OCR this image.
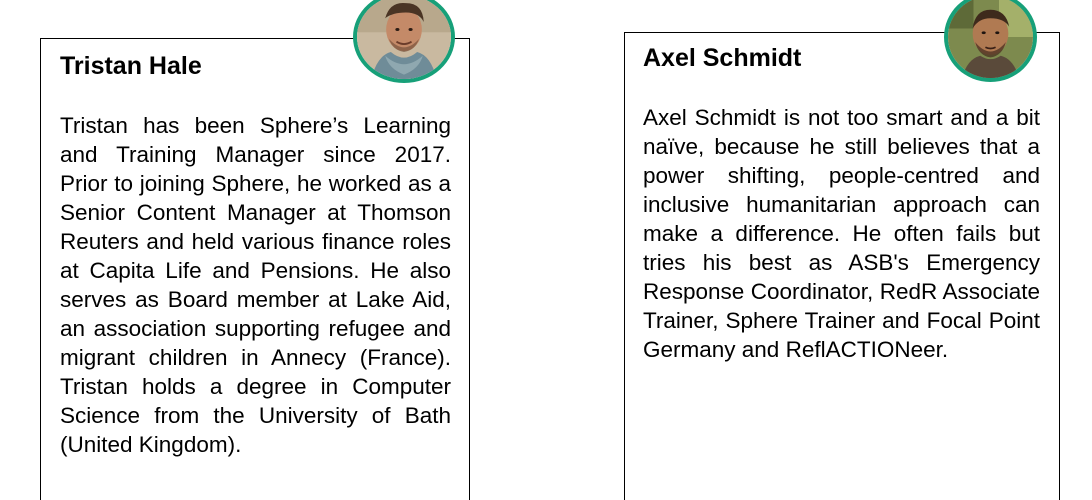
Tristan Hale

Tristan has been Sphere’s Learning and Training Manager since 2017. Prior to joining Sphere, he worked as a Senior Content Manager at Thomson Reuters and held various finance roles at Capita Life and Pensions. He also serves as Board member at Lake Aid, an association supporting refugee and migrant children in Annecy (France). Tristan holds a degree in Computer Science from the University of Bath (United Kingdom).

Axel Schmidt

Axel Schmidt is not too smart and a bit naïve, because he still believes that a power shifting, people-centred and inclusive humanitarian approach can make a difference. He often fails but tries his best as ASB's Emergency Response Coordinator, RedR Associate Trainer, Sphere Trainer and Focal Point Germany and ReflACTIONeer.
